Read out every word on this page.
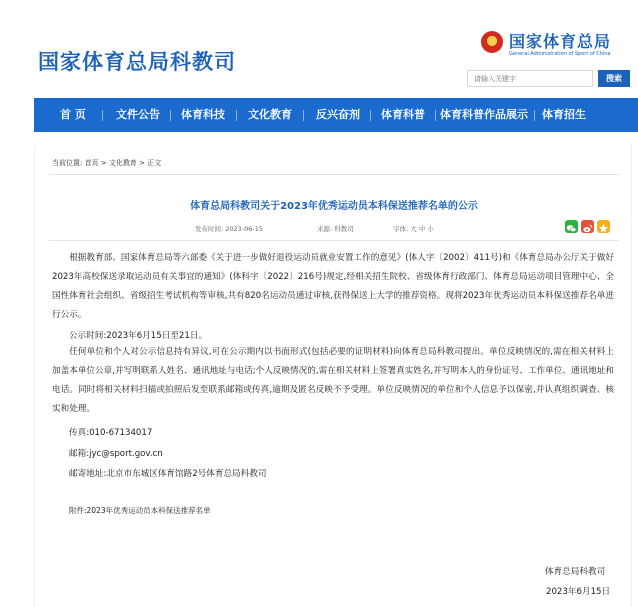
国家体育总局科教司
国家体育总局
General Administration of Sport of China
请输入关键字
搜索
首 页	文件公告 体育科技 文化教育 反兴奋剂 体育科普 体育科普作品展示 体育招生
当前位置: 首页 > 文化教育 > 正文
体育总局科教司关于2023年优秀运动员本科保送推荐名单的公示
发布时间: 2023-06-15	来源: 科教司	字体: 大 中 小
根据教育部、国家体育总局等六部委《关于进一步做好退役运动员就业安置工作的意见》(体人字〔2002〕411号)和《体育总局办公厅关于做好2023年高校保送录取运动员有关事宜的通知》(体科字〔2022〕216号)规定,经相关招生院校、省级体育行政部门、体育总局运动项目管理中心、全国性体育社会组织、省级招生考试机构等审核,共有820名运动员通过审核,获得保送上大学的推荐资格。现将2023年优秀运动员本科保送推荐名单进行公示。
公示时间:2023年6月15日至21日。
任何单位和个人对公示信息持有异议,可在公示期内以书面形式(包括必要的证明材料)向体育总局科教司提出。单位反映情况的,需在相关材料上加盖本单位公章,并写明联系人姓名、通讯地址与电话;个人反映情况的,需在相关材料上签署真实姓名,并写明本人的身份证号、工作单位、通讯地址和电话。同时将相关材料扫描或拍照后发至联系邮箱或传真,逾期及匿名反映不予受理。单位反映情况的单位和个人信息予以保密,并认真组织调查、核实和处理。
传真:010-67134017
邮箱:jyc@sport.gov.cn
邮寄地址:北京市东城区体育馆路2号体育总局科教司
附件:2023年优秀运动员本科保送推荐名单
体育总局科教司
2023年6月15日
